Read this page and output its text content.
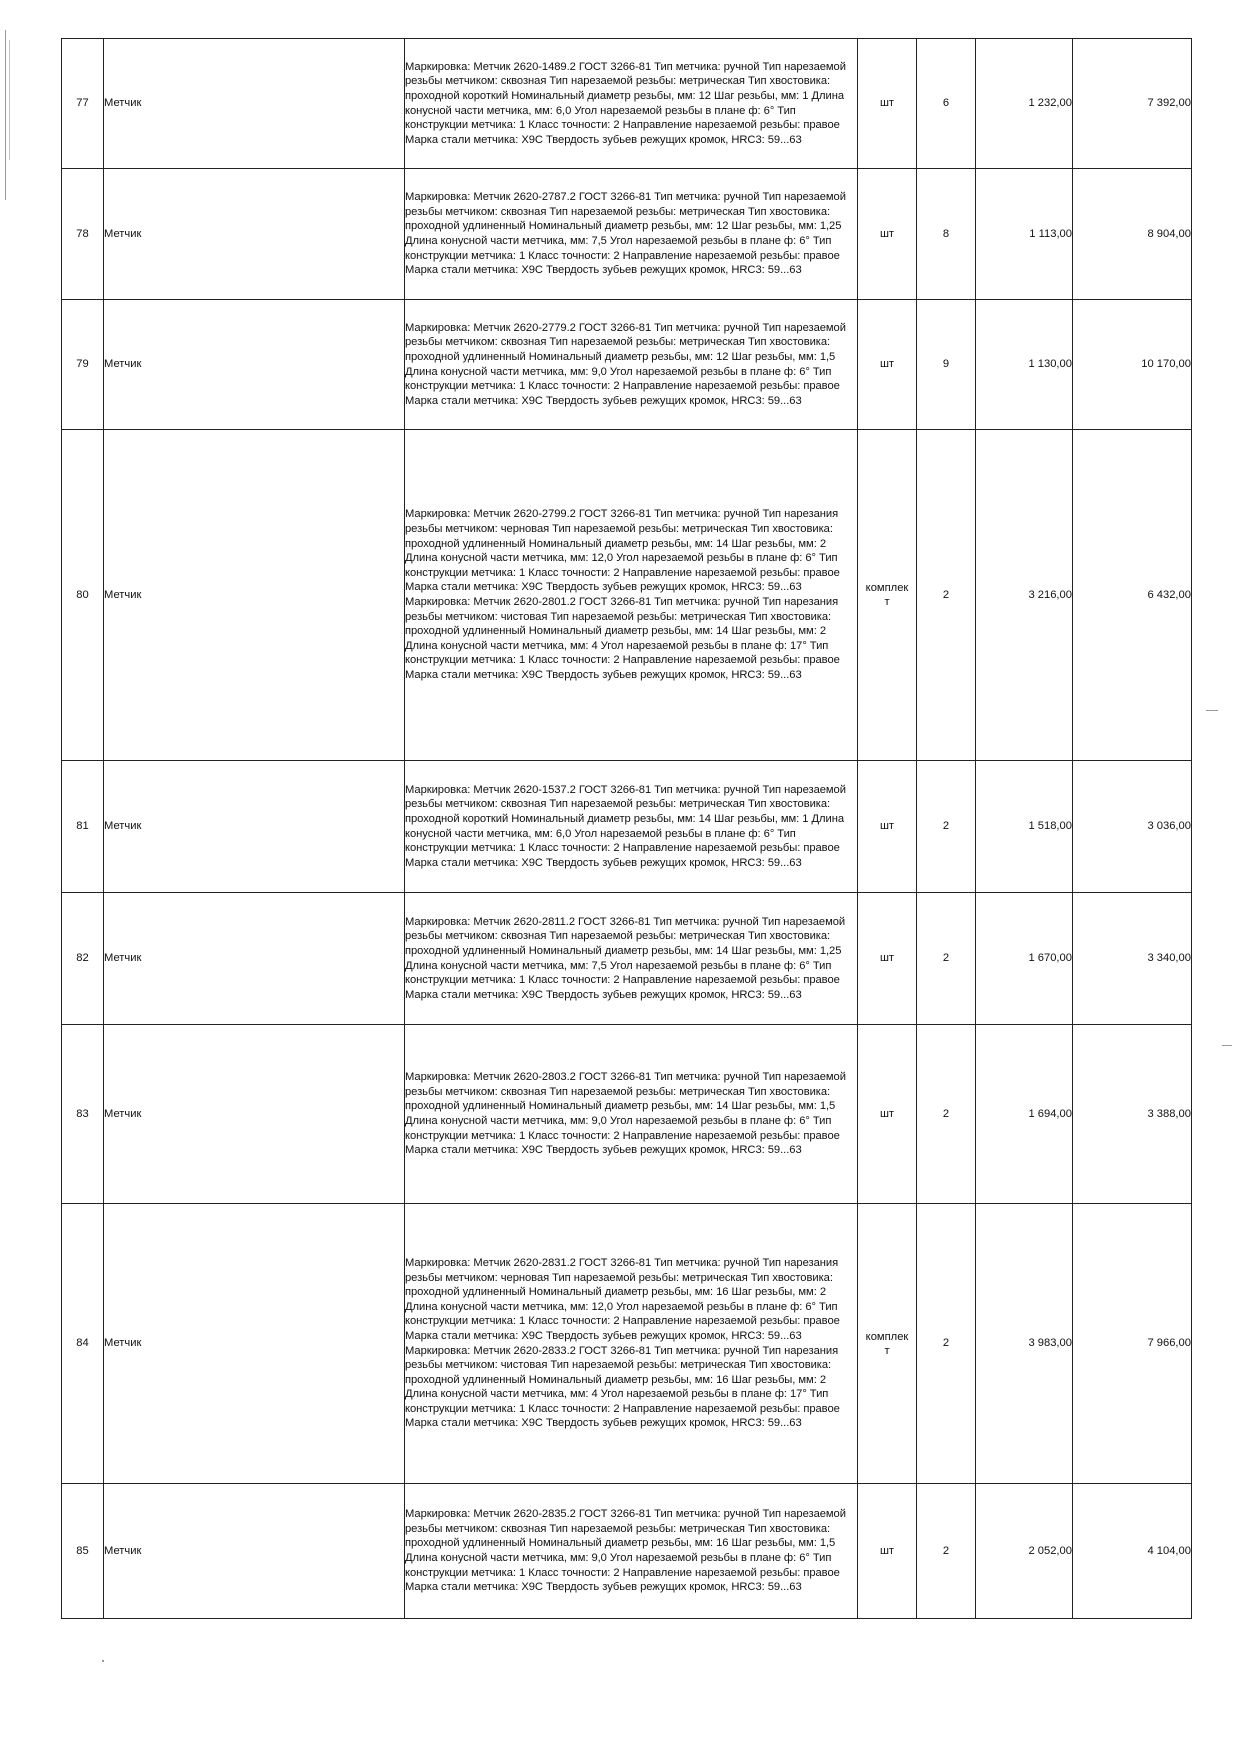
77	Метчик	Маркировка: Метчик 2620-1489.2 ГОСТ 3266-81 Тип метчика: ручной Тип нарезаемой резьбы метчиком: сквозная Тип нарезаемой резьбы: метрическая Тип хвостовика: проходной короткий Номинальный диаметр резьбы, мм: 12 Шаг резьбы, мм: 1 Длина конусной части метчика, мм: 6,0 Угол нарезаемой резьбы в плане ф: 6° Тип конструкции метчика: 1 Класс точности: 2 Направление нарезаемой резьбы: правое Марка стали метчика: Х9С Твердость зубьев режущих кромок, HRC3: 59...63	шт	6	1 232,00	7 392,00
78	Метчик	Маркировка: Метчик 2620-2787.2 ГОСТ 3266-81 Тип метчика: ручной Тип нарезаемой резьбы метчиком: сквозная Тип нарезаемой резьбы: метрическая Тип хвостовика: проходной удлиненный Номинальный диаметр резьбы, мм: 12 Шаг резьбы, мм: 1,25 Длина конусной части метчика, мм: 7,5 Угол нарезаемой резьбы в плане ф: 6° Тип конструкции метчика: 1 Класс точности: 2 Направление нарезаемой резьбы: правое Марка стали метчика: Х9С Твердость зубьев режущих кромок, HRC3: 59...63	шт	8	1 113,00	8 904,00
79	Метчик	Маркировка: Метчик 2620-2779.2 ГОСТ 3266-81 Тип метчика: ручной Тип нарезаемой резьбы метчиком: сквозная Тип нарезаемой резьбы: метрическая Тип хвостовика: проходной удлиненный Номинальный диаметр резьбы, мм: 12 Шаг резьбы, мм: 1,5 Длина конусной части метчика, мм: 9,0 Угол нарезаемой резьбы в плане ф: 6° Тип конструкции метчика: 1 Класс точности: 2 Направление нарезаемой резьбы: правое Марка стали метчика: Х9С Твердость зубьев режущих кромок, HRC3: 59...63	шт	9	1 130,00	10 170,00
80	Метчик	Маркировка: Метчик 2620-2799.2 ГОСТ 3266-81 Тип метчика: ручной Тип нарезания резьбы метчиком: черновая Тип нарезаемой резьбы: метрическая Тип хвостовика: проходной удлиненный Номинальный диаметр резьбы, мм: 14 Шаг резьбы, мм: 2 Длина конусной части метчика, мм: 12,0 Угол нарезаемой резьбы в плане ф: 6° Тип конструкции метчика: 1 Класс точности: 2 Направление нарезаемой резьбы: правое Марка стали метчика: Х9С Твердость зубьев режущих кромок, HRC3: 59...63 Маркировка: Метчик 2620-2801.2 ГОСТ 3266-81 Тип метчика: ручной Тип нарезания резьбы метчиком: чистовая Тип нарезаемой резьбы: метрическая Тип хвостовика: проходной удлиненный Номинальный диаметр резьбы, мм: 14 Шаг резьбы, мм: 2 Длина конусной части метчика, мм: 4 Угол нарезаемой резьбы в плане ф: 17° Тип конструкции метчика: 1 Класс точности: 2 Направление нарезаемой резьбы: правое Марка стали метчика: Х9С Твердость зубьев режущих кромок, HRC3: 59...63	комплект	2	3 216,00	6 432,00
81	Метчик	Маркировка: Метчик 2620-1537.2 ГОСТ 3266-81 Тип метчика: ручной Тип нарезаемой резьбы метчиком: сквозная Тип нарезаемой резьбы: метрическая Тип хвостовика: проходной короткий Номинальный диаметр резьбы, мм: 14 Шаг резьбы, мм: 1 Длина конусной части метчика, мм: 6,0 Угол нарезаемой резьбы в плане ф: 6° Тип конструкции метчика: 1 Класс точности: 2 Направление нарезаемой резьбы: правое Марка стали метчика: Х9С Твердость зубьев режущих кромок, HRC3: 59...63	шт	2	1 518,00	3 036,00
82	Метчик	Маркировка: Метчик 2620-2811.2 ГОСТ 3266-81 Тип метчика: ручной Тип нарезаемой резьбы метчиком: сквозная Тип нарезаемой резьбы: метрическая Тип хвостовика: проходной удлиненный Номинальный диаметр резьбы, мм: 14 Шаг резьбы, мм: 1,25 Длина конусной части метчика, мм: 7,5 Угол нарезаемой резьбы в плане ф: 6° Тип конструкции метчика: 1 Класс точности: 2 Направление нарезаемой резьбы: правое Марка стали метчика: Х9С Твердость зубьев режущих кромок, HRC3: 59...63	шт	2	1 670,00	3 340,00
83	Метчик	Маркировка: Метчик 2620-2803.2 ГОСТ 3266-81 Тип метчика: ручной Тип нарезаемой резьбы метчиком: сквозная Тип нарезаемой резьбы: метрическая Тип хвостовика: проходной удлиненный Номинальный диаметр резьбы, мм: 14 Шаг резьбы, мм: 1,5 Длина конусной части метчика, мм: 9,0 Угол нарезаемой резьбы в плане ф: 6° Тип конструкции метчика: 1 Класс точности: 2 Направление нарезаемой резьбы: правое Марка стали метчика: Х9С Твердость зубьев режущих кромок, HRC3: 59...63	шт	2	1 694,00	3 388,00
84	Метчик	Маркировка: Метчик 2620-2831.2 ГОСТ 3266-81 Тип метчика: ручной Тип нарезания резьбы метчиком: черновая Тип нарезаемой резьбы: метрическая Тип хвостовика: проходной удлиненный Номинальный диаметр резьбы, мм: 16 Шаг резьбы, мм: 2 Длина конусной части метчика, мм: 12,0 Угол нарезаемой резьбы в плане ф: 6° Тип конструкции метчика: 1 Класс точности: 2 Направление нарезаемой резьбы: правое Марка стали метчика: Х9С Твердость зубьев режущих кромок, HRC3: 59...63 Маркировка: Метчик 2620-2833.2 ГОСТ 3266-81 Тип метчика: ручной Тип нарезания резьбы метчиком: чистовая Тип нарезаемой резьбы: метрическая Тип хвостовика: проходной удлиненный Номинальный диаметр резьбы, мм: 16 Шаг резьбы, мм: 2 Длина конусной части метчика, мм: 4 Угол нарезаемой резьбы в плане ф: 17° Тип конструкции метчика: 1 Класс точности: 2 Направление нарезаемой резьбы: правое Марка стали метчика: Х9С Твердость зубьев режущих кромок, HRC3: 59...63	комплект	2	3 983,00	7 966,00
85	Метчик	Маркировка: Метчик 2620-2835.2 ГОСТ 3266-81 Тип метчика: ручной Тип нарезаемой резьбы метчиком: сквозная Тип нарезаемой резьбы: метрическая Тип хвостовика: проходной удлиненный Номинальный диаметр резьбы, мм: 16 Шаг резьбы, мм: 1,5 Длина конусной части метчика, мм: 9,0 Угол нарезаемой резьбы в плане ф: 6° Тип конструкции метчика: 1 Класс точности: 2 Направление нарезаемой резьбы: правое Марка стали метчика: Х9С Твердость зубьев режущих кромок, HRC3: 59...63	шт	2	2 052,00	4 104,00
